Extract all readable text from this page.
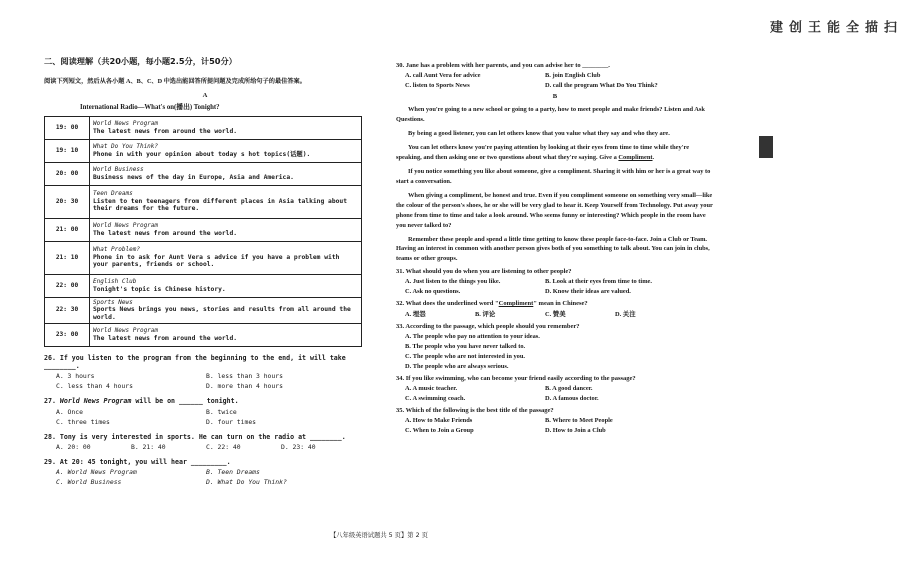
二、阅读理解（共20小题，每小题2.5分，计50分）
阅读下列短文，然后从各小题 A、B、C、D 中选出能回答所提问题及完成所给句子的最佳答案。
A
International Radio—What's on(播出) Tonight?
19: 00	World News Program
The latest news from around the world.

19: 10	What Do You Think?
Phone in with your opinion about today s hot topics(话题).

20: 00	World Business
Business news of the day in Europe, Asia and America.

20: 30	Teen Dreams
Listen to ten teenagers from different places in Asia talking about their dreams for the future.

21: 00	World News Program
The latest news from around the world.

21: 10	What Problem?
Phone in to ask for Aunt Vera s advice if you have a problem with your parents, friends or school.

22: 00	English Club
Tonight's topic is Chinese history.

22: 30	Sports News
Sports News brings you news, stories and results from all around the world.

23: 00	World News Program
The latest news from around the world.
26. If you listen to the program from the beginning to the end, it will take ________.
A. 3 hours	B. less than 3 hours
C. less than 4 hours	D. more than 4 hours
27. World News Program will be on ______ tonight.
A. Once	B. twice
C. three times	D. four times
28. Tony is very interested in sports. He can turn on the radio at ________.
A. 20: 00	B. 21: 40	C. 22: 40	D. 23: 40
29. At 20: 45 tonight, you will hear _________.
A. World News Program	B. Teen Dreams
C. World Business	D. What Do You Think?
30. Jane has a problem with her parents, and you can advise her to ________.
A. call Aunt Vera for advice	B. join English Club
C. listen to Sports News	D. call the program What Do You Think?
B
When you're going to a new school or going to a party, how to meet people and make friends? Listen and Ask Questions.
By being a good listener, you can let others know that you value what they say and who they are.
You can let others know you're paying attention by looking at their eyes from time to time while they're speaking, and then asking one or two questions about what they're saying. Give a Compliment.
If you notice something you like about someone, give a compliment. Sharing it with him or her is a great way to start a conversation.
When giving a compliment, be honest and true. Even if you compliment someone on something very small—like the colour of the person's shoes, he or she will be very glad to hear it. Keep Yourself from Technology. Put away your phone from time to time and take a look around. Who seems funny or interesting? Which people in the room have you never talked to?
Remember these people and spend a little time getting to know these people face-to-face. Join a Club or Team. Having an interest in common with another person gives both of you something to talk about. You can join in clubs, teams or other groups.
31. What should you do when you are listening to other people?
A. Just listen to the things you like.	B. Look at their eyes from time to time.
C. Ask no questions.	D. Know their ideas are valued.
32. What does the underlined word "Compliment" mean in Chinese?
A. 埋怨	B. 评论	C. 赞美	D. 关注
33. According to the passage, which people should you remember?
A. The people who pay no attention to your ideas.
B. The people who you have never talked to.
C. The people who are not interested in you.
D. The people who are always serious.
34. If you like swimming, who can become your friend easily according to the passage?
A. A music teacher.	B. A good dancer.
C. A swimming coach.	D. A famous doctor.
35. Which of the following is the best title of the passage?
A. How to Make Friends	B. Where to Meet People
C. When to Join a Group	D. How to Join a Club
【八年级英语试题共 5 页】第 2 页
扫描全能王 创建
